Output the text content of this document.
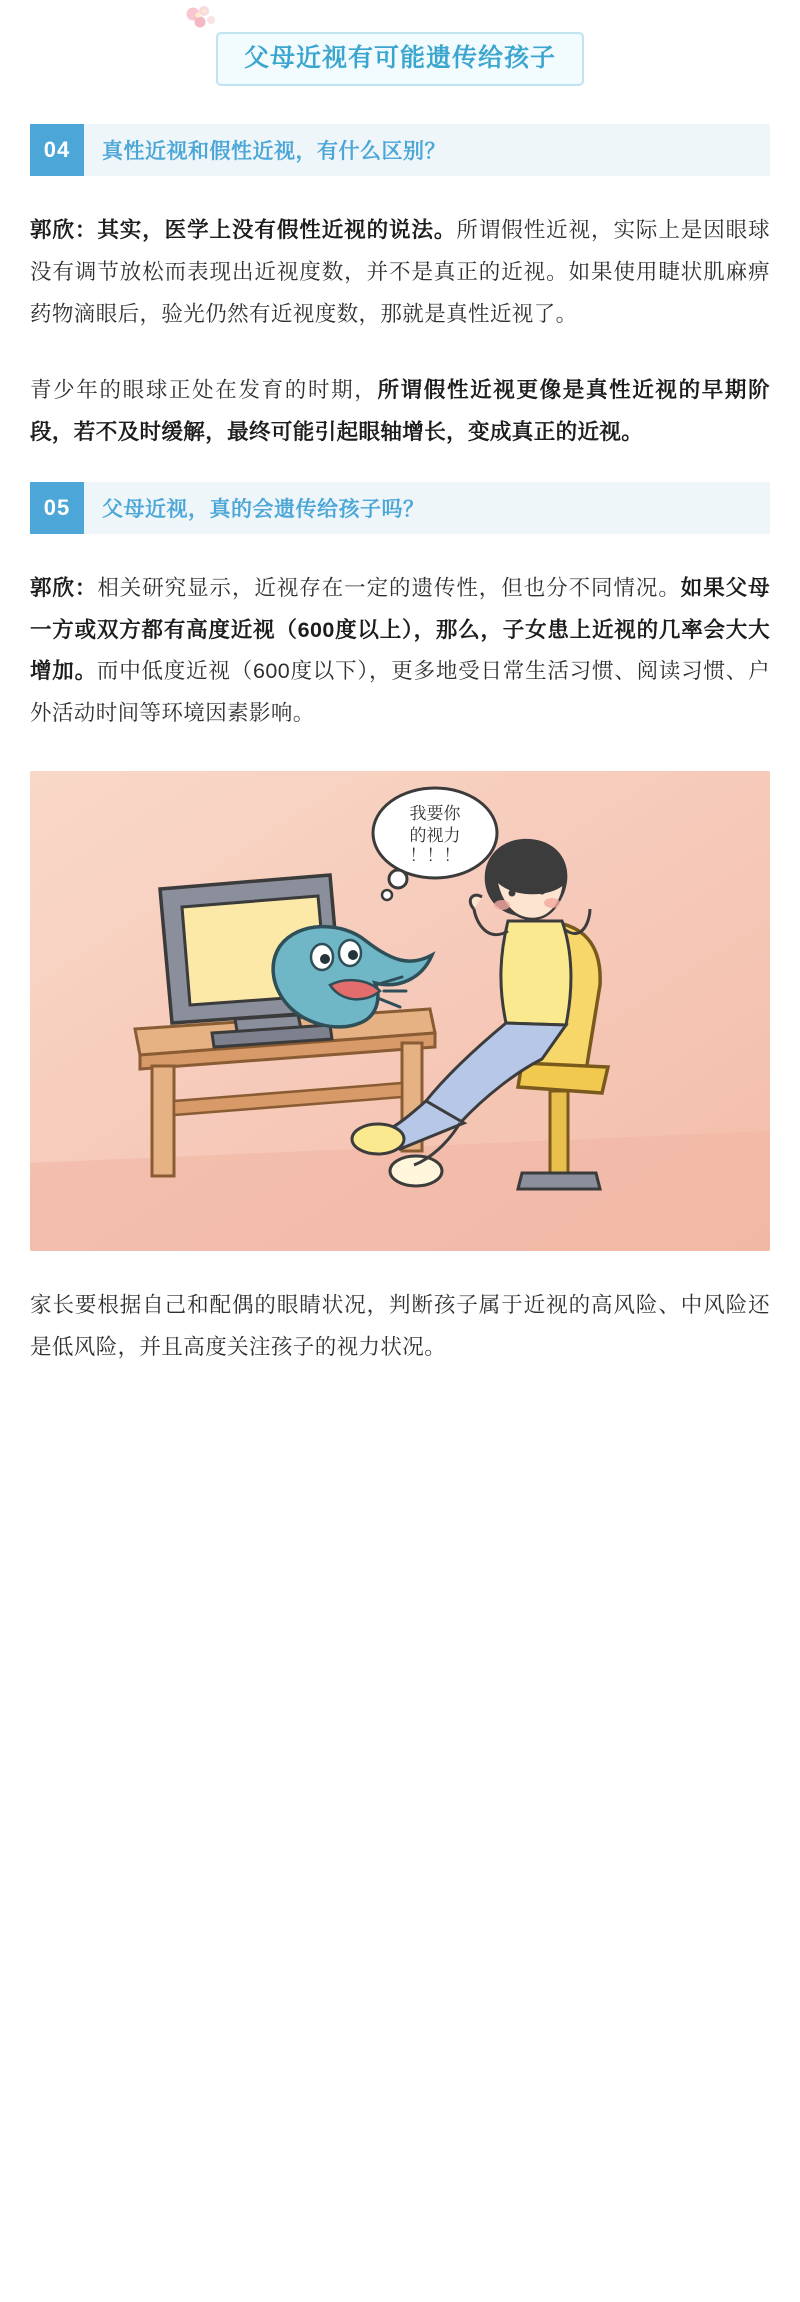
父母近视有可能遗传给孩子
04	真性近视和假性近视，有什么区别？

郭欣：其实，医学上没有假性近视的说法。所谓假性近视，实际上是因眼球没有调节放松而表现出近视度数，并不是真正的近视。如果使用睫状肌麻痹药物滴眼后，验光仍然有近视度数，那就是真性近视了。

青少年的眼球正处在发育的时期，所谓假性近视更像是真性近视的早期阶段，若不及时缓解，最终可能引起眼轴增长，变成真正的近视。

05	父母近视，真的会遗传给孩子吗？

郭欣：相关研究显示，近视存在一定的遗传性，但也分不同情况。如果父母一方或双方都有高度近视（600度以上），那么，子女患上近视的几率会大大增加。而中低度近视（600度以下），更多地受日常生活习惯、阅读习惯、户外活动时间等环境因素影响。

我要你
的视力
！！！

家长要根据自己和配偶的眼睛状况，判断孩子属于近视的高风险、中风险还是低风险，并且高度关注孩子的视力状况。
